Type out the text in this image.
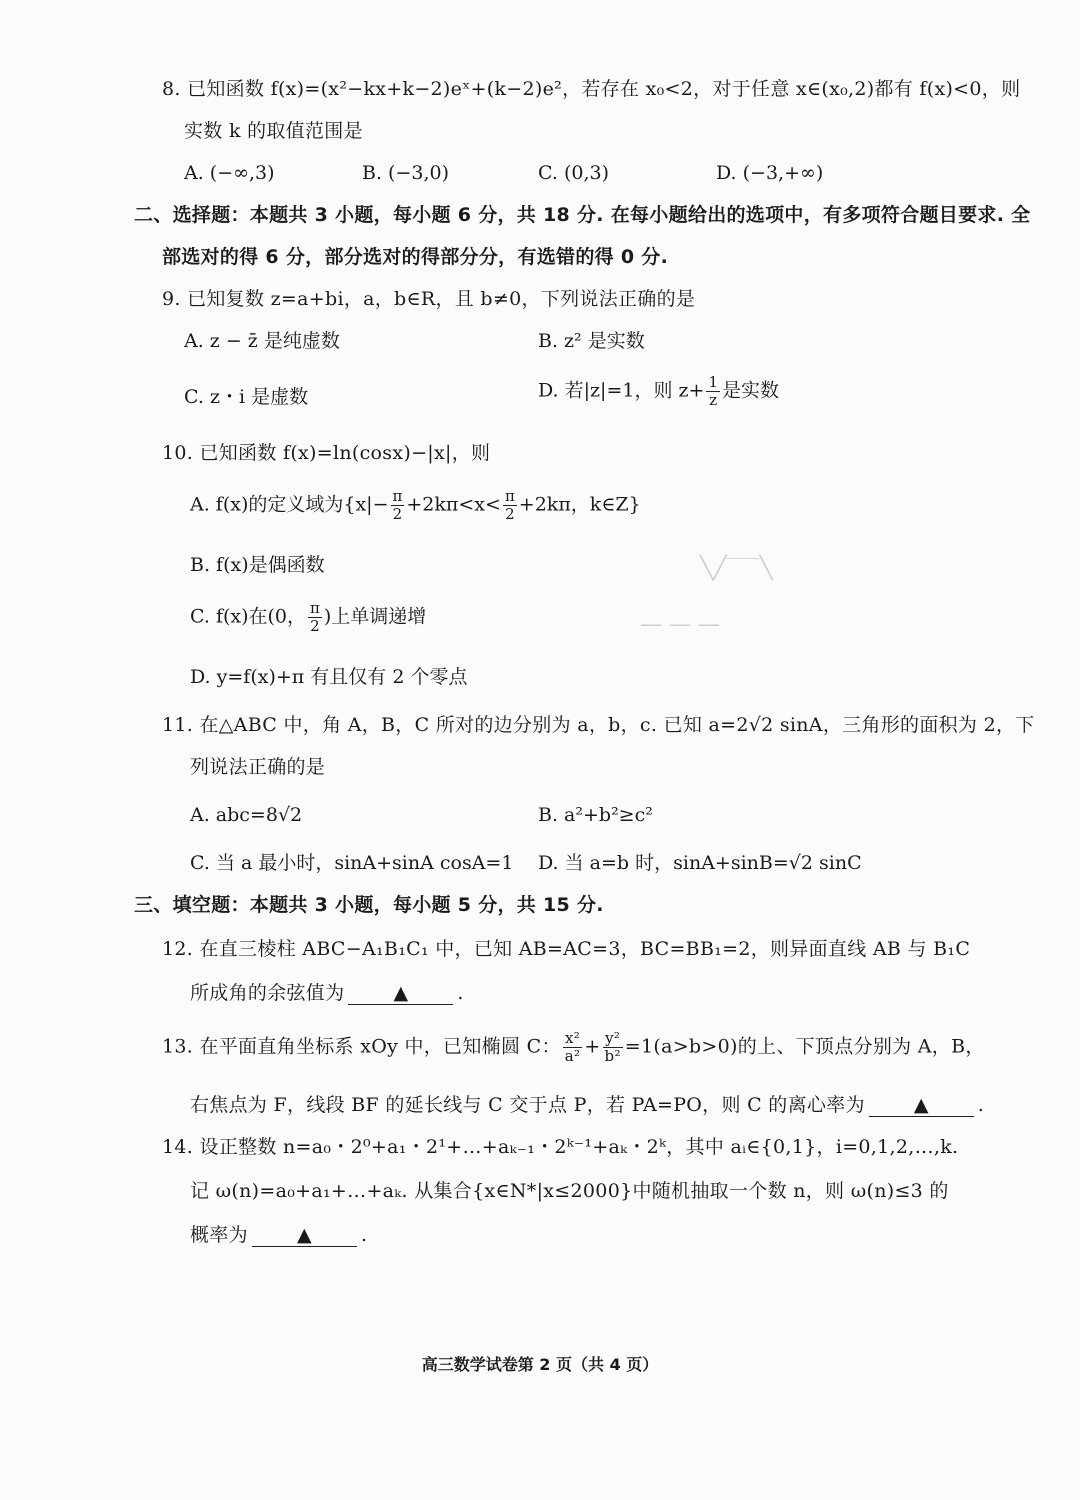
8. 已知函数 f(x)=(x²−kx+k−2)eˣ+(k−2)e²，若存在 x₀<2，对于任意 x∈(x₀,2)都有 f(x)<0，则
实数 k 的取值范围是
A. (−∞,3)	B. (−3,0)	C. (0,3)	D. (−3,+∞)
二、选择题：本题共 3 小题，每小题 6 分，共 18 分. 在每小题给出的选项中，有多项符合题目要求. 全
部选对的得 6 分，部分选对的得部分分，有选错的得 0 分.
9. 已知复数 z=a+bi，a，b∈R，且 b≠0，下列说法正确的是
A. z − z̄ 是纯虚数	B. z² 是实数
C. z・i 是虚数	D. 若|z|=1，则 $z+ \frac{1}{z}$ 是实数
10. 已知函数 f(x)=ln(cosx)−|x|，则
A. f(x)的定义域为{$x|- \frac{\pi}{2} +2k\pi<x< \frac{\pi}{2} +2k\pi$，k∈Z}
B. f(x)是偶函数
C. f(x)在(0， $\frac{\pi}{2}$ )上单调递增
D. y=f(x)+π 有且仅有 2 个零点
╲╱‾‾‾╲
— — —
11. 在△ABC 中，角 A，B，C 所对的边分别为 a，b，c. 已知 a=2√2 sinA，三角形的面积为 2，下
列说法正确的是
A. abc=8√2	B. a²+b²≥c²
C. 当 a 最小时，sinA+sinA cosA=1 D. 当 a=b 时，sinA+sinB=√2 sinC
三、填空题：本题共 3 小题，每小题 5 分，共 15 分.
12. 在直三棱柱 ABC−A₁B₁C₁ 中，已知 AB=AC=3，BC=BB₁=2，则异面直线 AB 与 B₁C
所成角的余弦值为	▲	.
13. 在平面直角坐标系 xOy 中，已知椭圆 C： $\frac{\text{x²}}{\text{a²}} + \frac{\text{y²}}{\text{b²}} =1(a>b>0)$的上、下顶点分别为 A，B，
右焦点为 F，线段 BF 的延长线与 C 交于点 P，若 PA=PO，则 C 的离心率为	▲	.
14. 设正整数 n=a₀・2⁰+a₁・2¹+…+aₖ₋₁・2ᵏ⁻¹+aₖ・2ᵏ，其中 aᵢ∈{0,1}，i=0,1,2,…,k.
记 ω(n)=a₀+a₁+…+aₖ. 从集合{x∈N*|x≤2000}中随机抽取一个数 n，则 ω(n)≤3 的
概率为	▲	.
高三数学试卷第 2 页（共 4 页）
